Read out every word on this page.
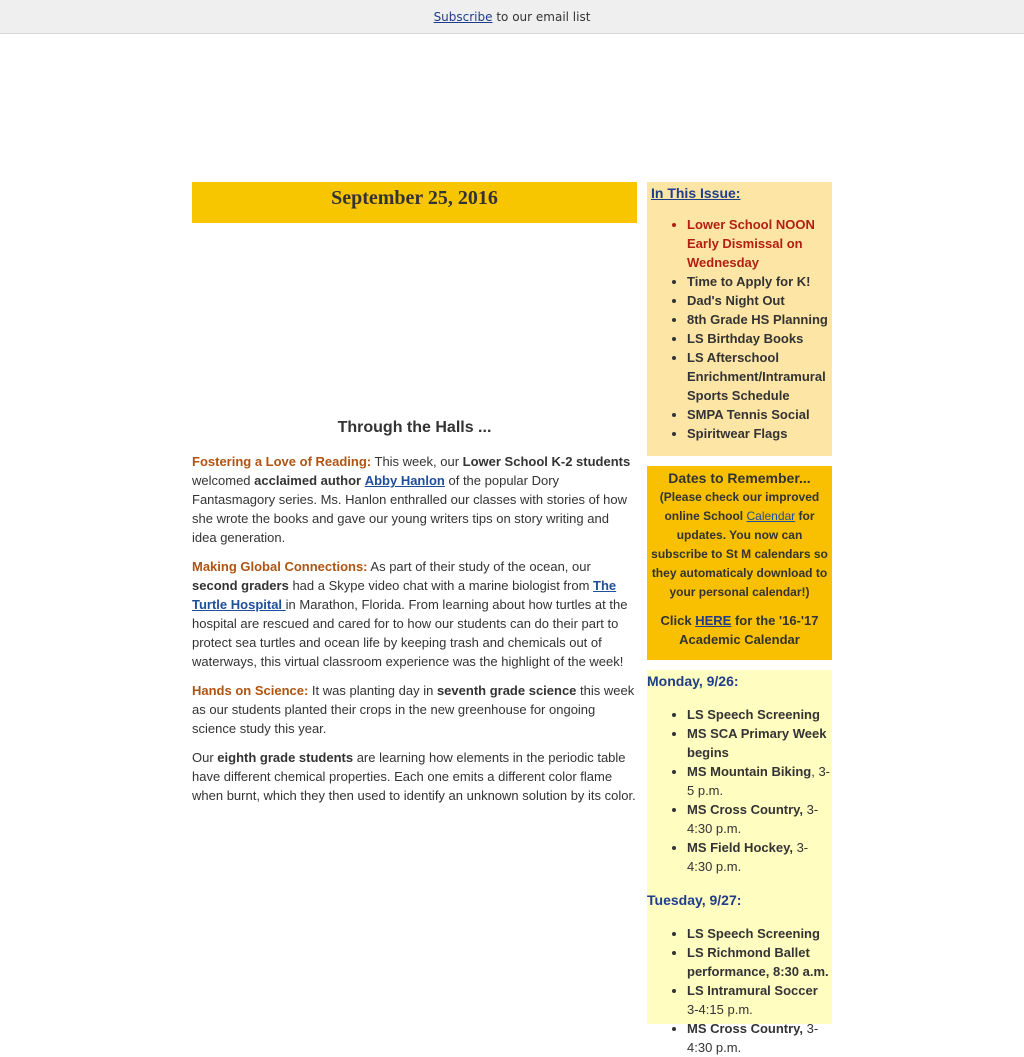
Subscribe to our email list
September 25, 2016
Through the Halls ...

Fostering a Love of Reading: This week, our Lower School K-2 students welcomed acclaimed author Abby Hanlon of the popular Dory Fantasmagory series. Ms. Hanlon enthralled our classes with stories of how she wrote the books and gave our young writers tips on story writing and idea generation.

Making Global Connections: As part of their study of the ocean, our second graders had a Skype video chat with a marine biologist from The Turtle Hospital in Marathon, Florida. From learning about how turtles at the hospital are rescued and cared for to how our students can do their part to protect sea turtles and ocean life by keeping trash and chemicals out of waterways, this virtual classroom experience was the highlight of the week!

Hands on Science: It was planting day in seventh grade science this week as our students planted their crops in the new greenhouse for ongoing science study this year.

Our eighth grade students are learning how elements in the periodic table have different chemical properties. Each one emits a different color flame when burnt, which they then used to identify an unknown solution by its color.

In This Issue:
• Lower School NOON Early Dismissal on Wednesday
• Time to Apply for K!
• Dad's Night Out
• 8th Grade HS Planning
• LS Birthday Books
• LS Afterschool Enrichment/Intramural Sports Schedule
• SMPA Tennis Social
• Spiritwear Flags
Dates to Remember...
(Please check our improved online School Calendar for updates. You now can subscribe to St M calendars so they automaticaly download to your personal calendar!)
Click HERE for the '16-'17 Academic Calendar
Monday, 9/26:
• LS Speech Screening
• MS SCA Primary Week begins
• MS Mountain Biking, 3-5 p.m.
• MS Cross Country, 3-4:30 p.m.
• MS Field Hockey, 3-4:30 p.m.
Tuesday, 9/27:
• LS Speech Screening
• LS Richmond Ballet performance, 8:30 a.m.
• LS Intramural Soccer 3-4:15 p.m.
• MS Cross Country, 3-4:30 p.m.
